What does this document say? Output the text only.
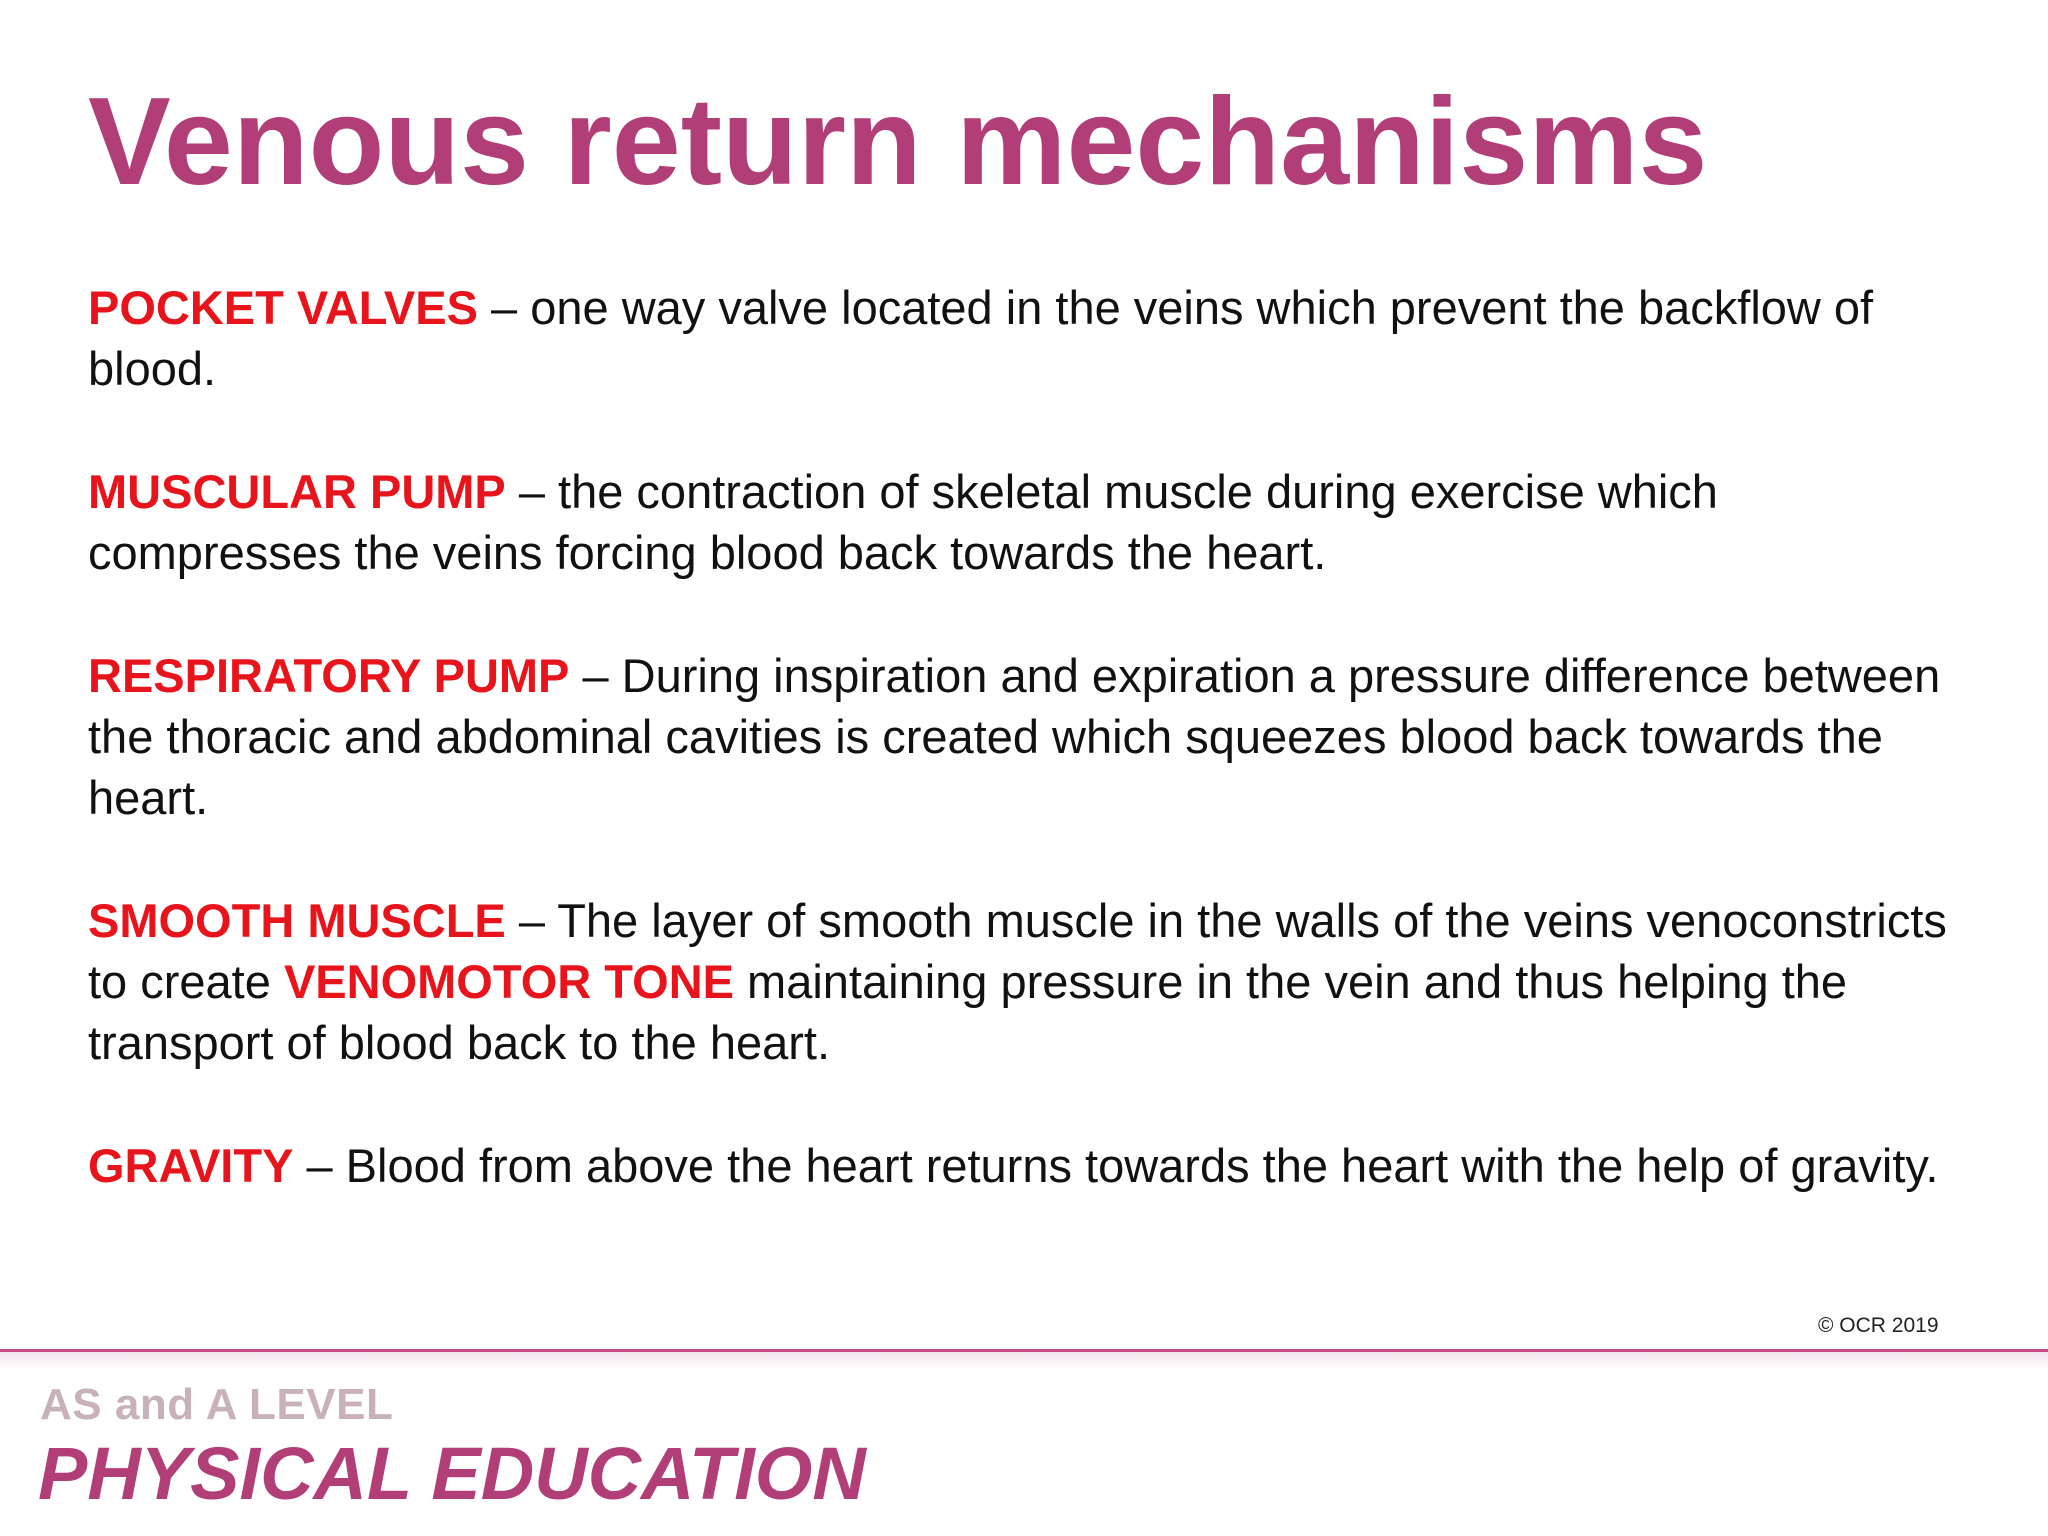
Venous return mechanisms

POCKET VALVES – one way valve located in the veins which prevent the backflow of blood.

MUSCULAR PUMP – the contraction of skeletal muscle during exercise which compresses the veins forcing blood back towards the heart.

RESPIRATORY PUMP – During inspiration and expiration a pressure difference between the thoracic and abdominal cavities is created which squeezes blood back towards the heart.

SMOOTH MUSCLE – The layer of smooth muscle in the walls of the veins venoconstricts to create VENOMOTOR TONE maintaining pressure in the vein and thus helping the transport of blood back to the heart.

GRAVITY – Blood from above the heart returns towards the heart with the help of gravity.

© OCR 2019
AS and A LEVEL
PHYSICAL EDUCATION
